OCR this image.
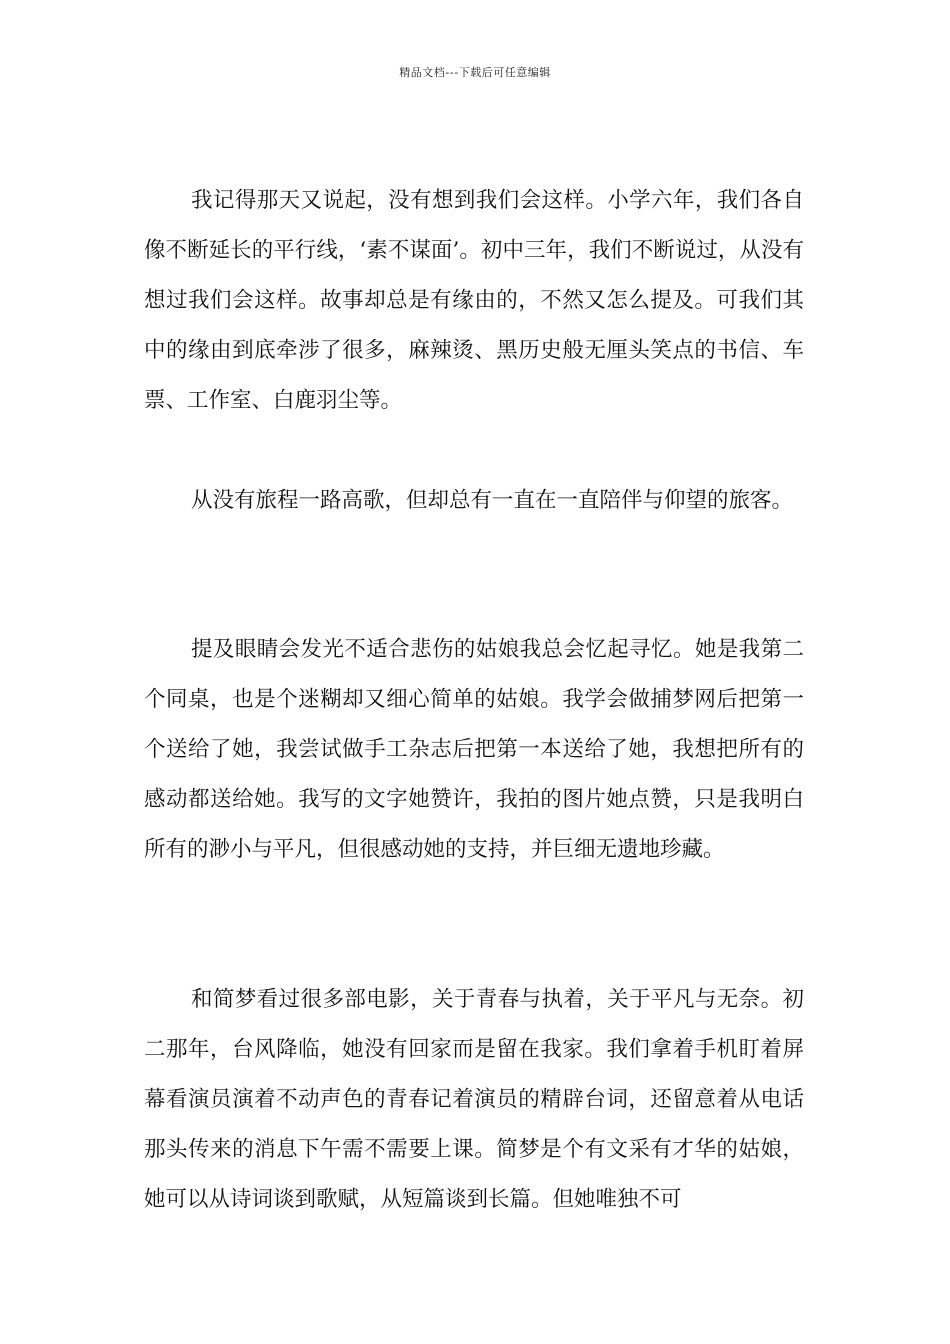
精品文档---下载后可任意编辑
我记得那天又说起，没有想到我们会这样。小学六年，我们各自像不断延长的平行线，‘素不谋面’。初中三年，我们不断说过，从没有想过我们会这样。故事却总是有缘由的，不然又怎么提及。可我们其中的缘由到底牵涉了很多，麻辣烫、黑历史般无厘头笑点的书信、车票、工作室、白鹿羽尘等。
从没有旅程一路高歌，但却总有一直在一直陪伴与仰望的旅客。
提及眼睛会发光不适合悲伤的姑娘我总会忆起寻忆。她是我第二个同桌，也是个迷糊却又细心简单的姑娘。我学会做捕梦网后把第一个送给了她，我尝试做手工杂志后把第一本送给了她，我想把所有的感动都送给她。我写的文字她赞许，我拍的图片她点赞，只是我明白所有的渺小与平凡，但很感动她的支持，并巨细无遗地珍藏。
和简梦看过很多部电影，关于青春与执着，关于平凡与无奈。初二那年，台风降临，她没有回家而是留在我家。我们拿着手机盯着屏幕看演员演着不动声色的青春记着演员的精辟台词，还留意着从电话那头传来的消息下午需不需要上课。简梦是个有文采有才华的姑娘，她可以从诗词谈到歌赋，从短篇谈到长篇。但她唯独不可
